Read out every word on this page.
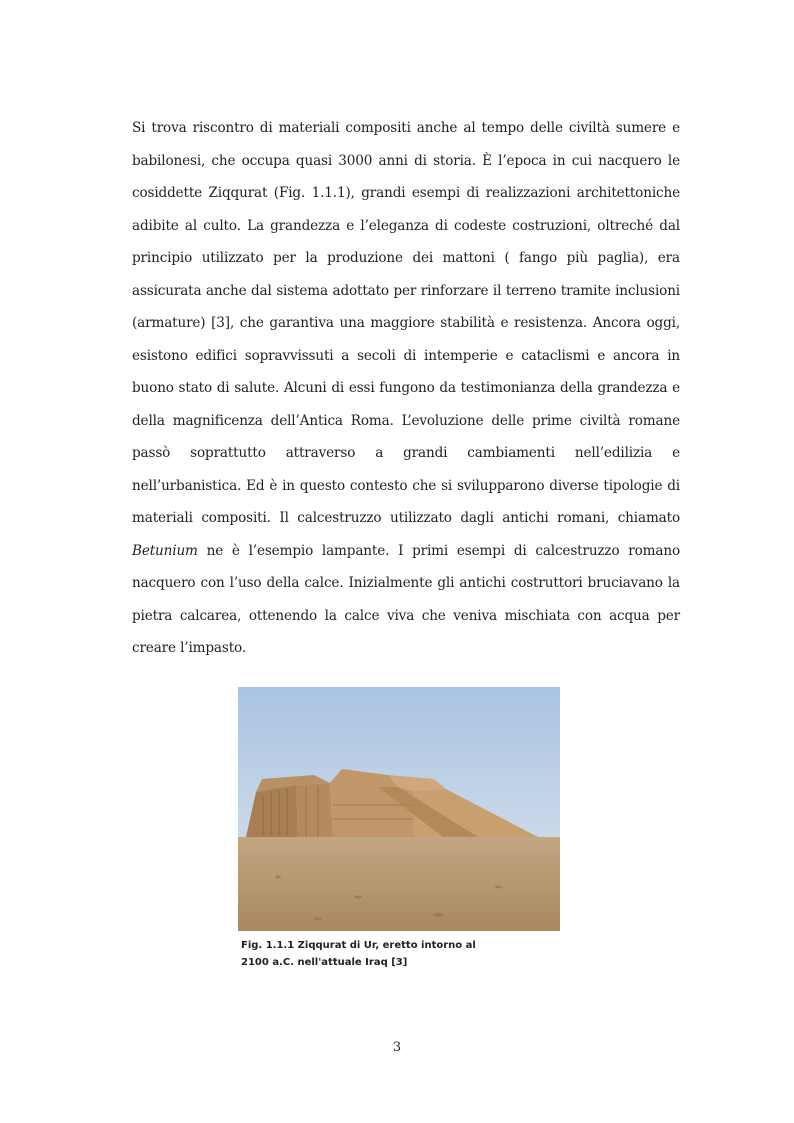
Si trova riscontro di materiali compositi anche al tempo delle civiltà sumere e babilonesi, che occupa quasi 3000 anni di storia. È l’epoca in cui nacquero le cosiddette Ziqqurat (Fig. 1.1.1), grandi esempi di realizzazioni architettoniche adibite al culto. La grandezza e l’eleganza di codeste costruzioni, oltreché dal principio utilizzato per la produzione dei mattoni ( fango più paglia), era assicurata anche dal sistema adottato per rinforzare il terreno tramite inclusioni (armature) [3], che garantiva una maggiore stabilità e resistenza. Ancora oggi, esistono edifici sopravvissuti a secoli di intemperie e cataclismi e ancora in buono stato di salute. Alcuni di essi fungono da testimonianza della grandezza e della magnificenza dell’Antica Roma. L’evoluzione delle prime civiltà romane passò soprattutto attraverso a grandi cambiamenti nell’edilizia e nell’urbanistica. Ed è in questo contesto che si svilupparono diverse tipologie di materiali compositi. Il calcestruzzo utilizzato dagli antichi romani, chiamato Betunium ne è l’esempio lampante. I primi esempi di calcestruzzo romano nacquero con l’uso della calce. Inizialmente gli antichi costruttori bruciavano la pietra calcarea, ottenendo la calce viva che veniva mischiata con acqua per creare l’impasto.

Fig. 1.1.1 Ziqqurat di Ur, eretto intorno al
2100 a.C. nell'attuale Iraq [3]

3
